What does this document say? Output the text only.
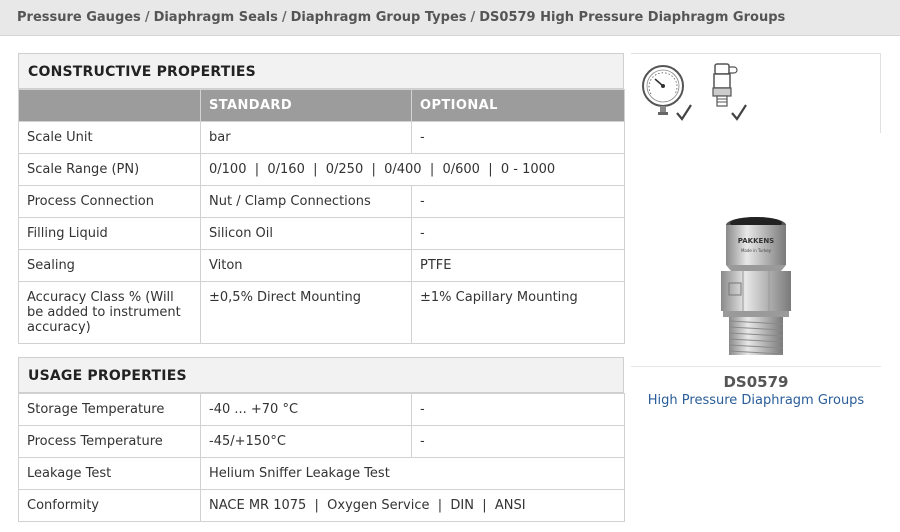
Pressure Gauges / Diaphragm Seals / Diaphragm Group Types / DS0579 High Pressure Diaphragm Groups
CONSTRUCTIVE PROPERTIES
	STANDARD	OPTIONAL
Scale Unit	bar	-
Scale Range (PN)	0/100  |  0/160  |  0/250  |  0/400  |  0/600  |  0 - 1000	
Process Connection	Nut / Clamp Connections	-
Filling Liquid	Silicon Oil	-
Sealing	Viton	PTFE
Accuracy Class % (Will be added to instrument accuracy)	±0,5% Direct Mounting	±1% Capillary Mounting
USAGE PROPERTIES
Storage Temperature	-40 ... +70 °C	-
Process Temperature	-45/+150°C	-
Leakage Test	Helium Sniffer Leakage Test	
Conformity	NACE MR 1075  |  Oxygen Service  |  DIN  |  ANSI	
PAKKENS
Made in Turkey
DS0579
High Pressure Diaphragm Groups
